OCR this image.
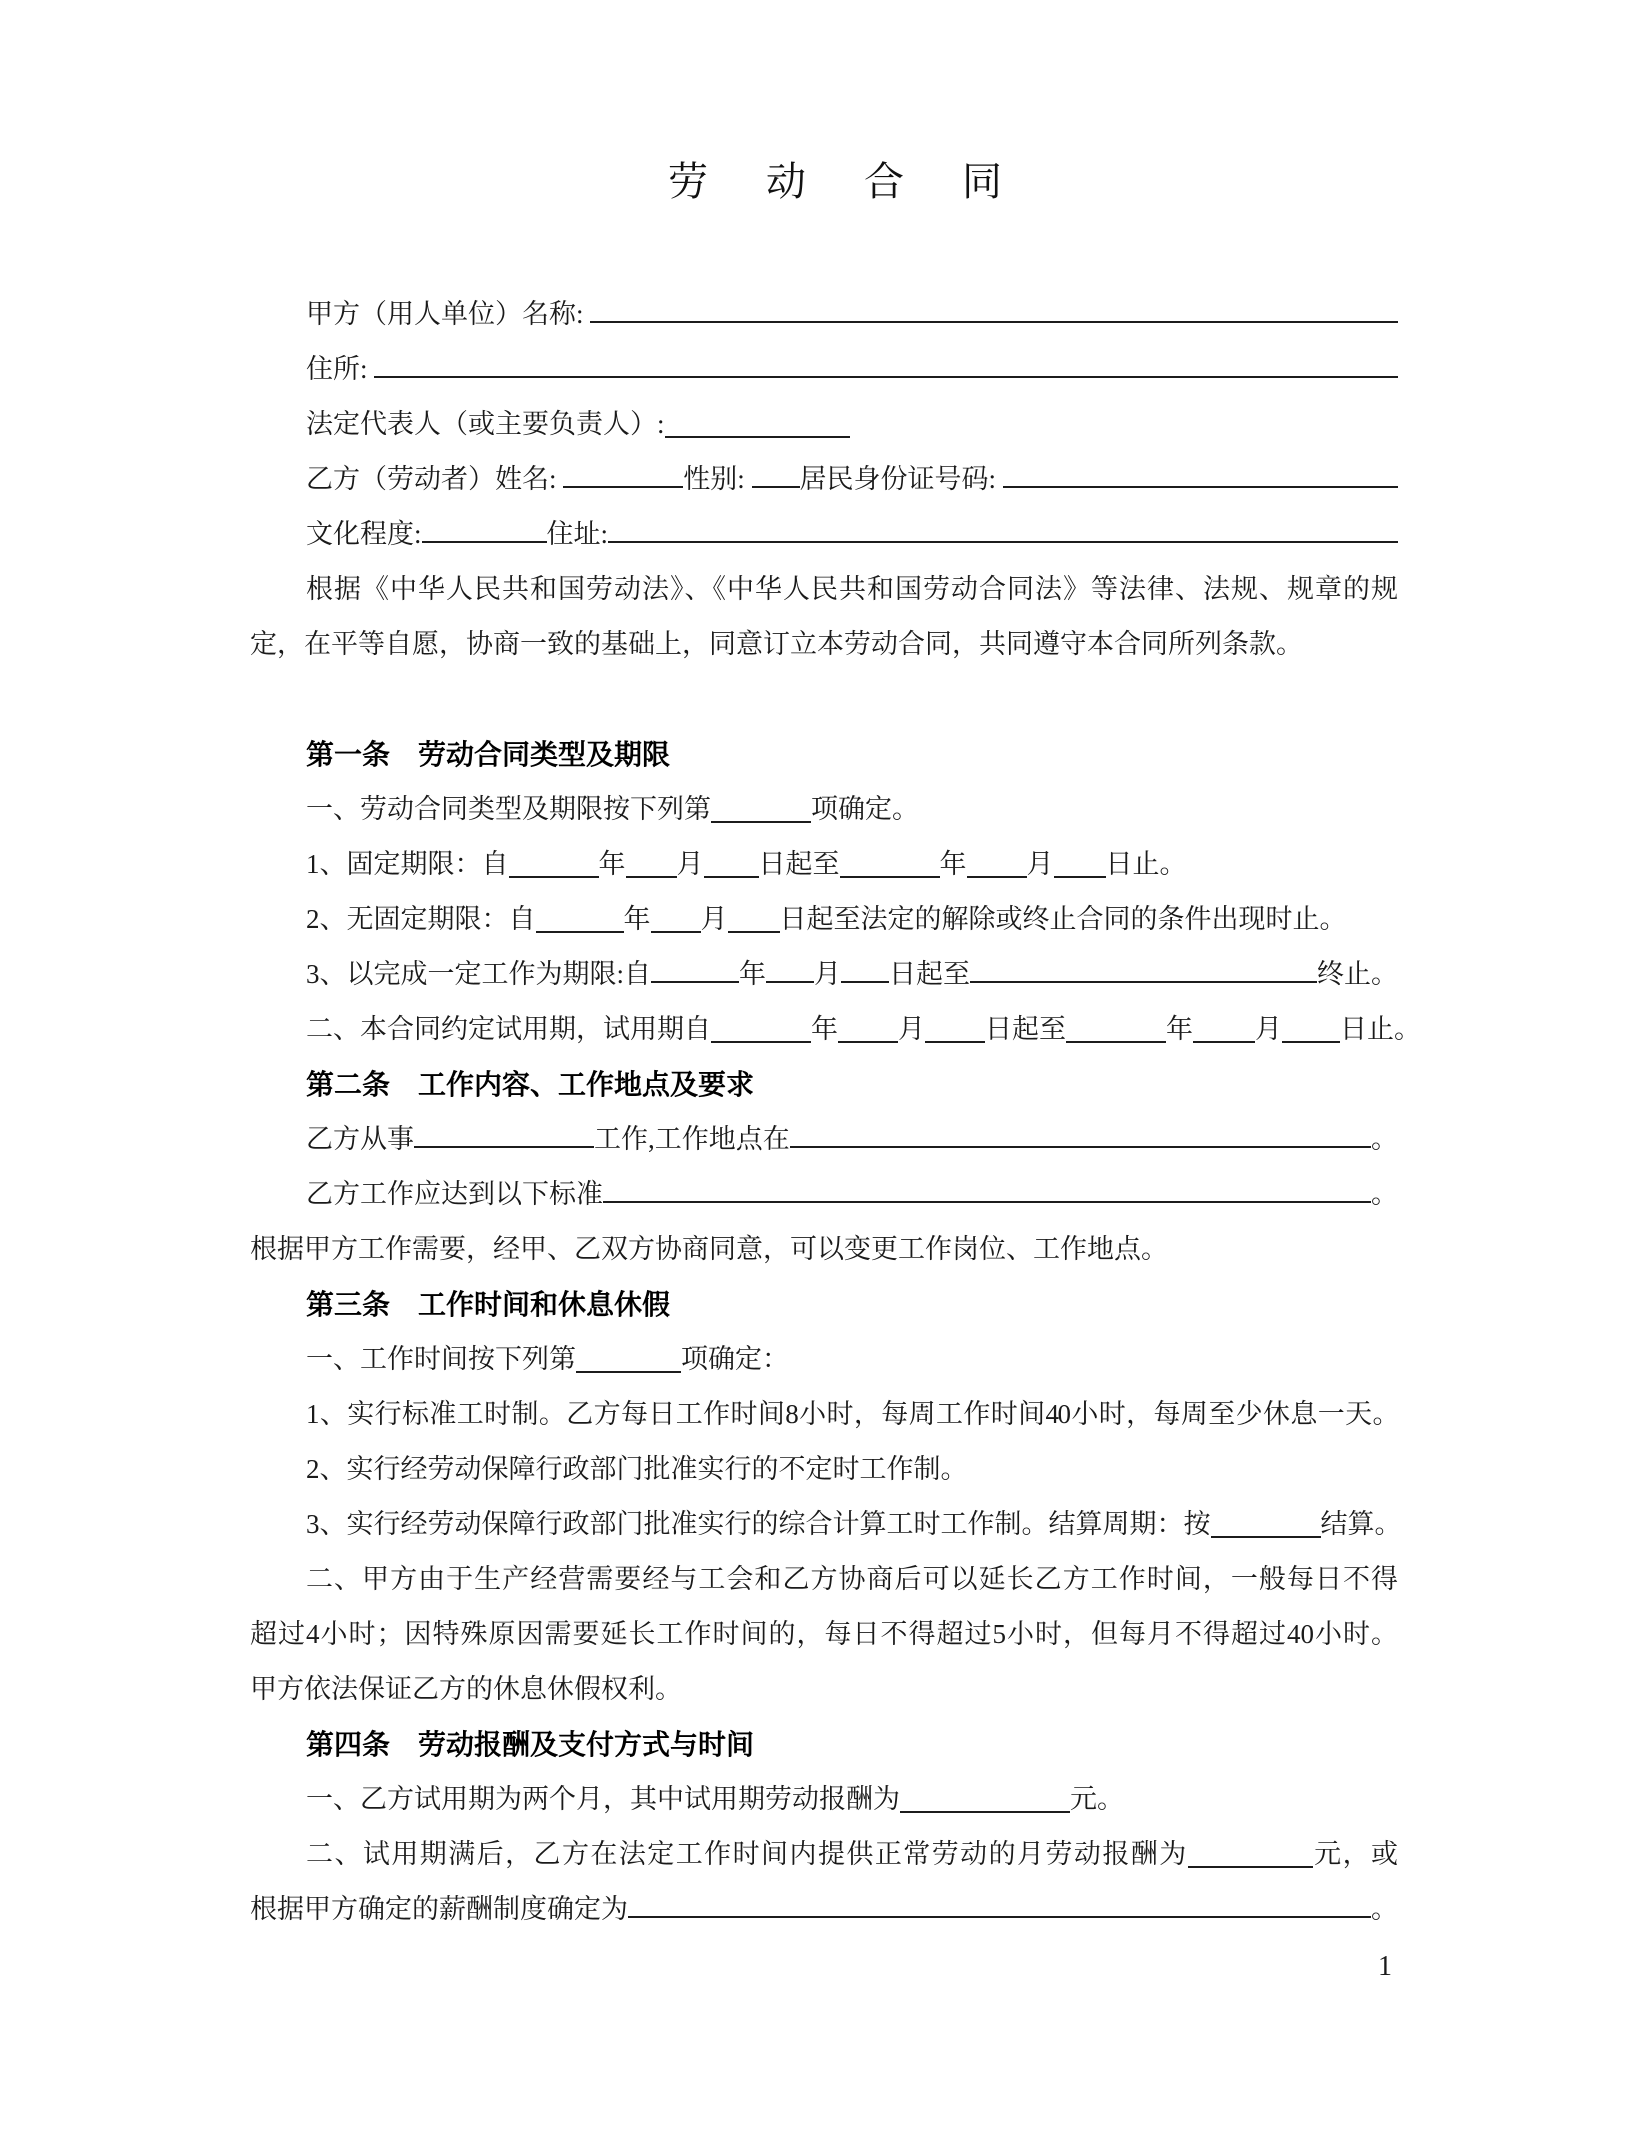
劳动合同
甲方（用人单位）名称:
住所:
法定代表人（或主要负责人）:
乙方（劳动者）姓名:	性别: 居民身份证号码:
文化程度:	住址:
根据《中华人民共和国劳动法》、《中华人民共和国劳动合同法》等法律、法规、规章的规
定，在平等自愿，协商一致的基础上，同意订立本劳动合同，共同遵守本合同所列条款。
第一条　劳动合同类型及期限
一、劳动合同类型及期限按下列第	项确定。
1、固定期限：自	年 月 日起至	年 月 日止。
2、无固定期限：自	年 月 日起至法定的解除或终止合同的条件出现时止。
3、以完成一定工作为期限:自	年 月 日起至	终止。
二、本合同约定试用期，试用期自	年 月 日起至	年 月 日止。
第二条　工作内容、工作地点及要求
乙方从事	工作,工作地点在	。
乙方工作应达到以下标准	。
根据甲方工作需要，经甲、乙双方协商同意，可以变更工作岗位、工作地点。
第三条　工作时间和休息休假
一、工作时间按下列第	项确定：
1、实行标准工时制。乙方每日工作时间8小时，每周工作时间40小时，每周至少休息一天。
2、实行经劳动保障行政部门批准实行的不定时工作制。
3、实行经劳动保障行政部门批准实行的综合计算工时工作制。结算周期：按	结算。
二、甲方由于生产经营需要经与工会和乙方协商后可以延长乙方工作时间，一般每日不得
超过4小时；因特殊原因需要延长工作时间的，每日不得超过5小时，但每月不得超过40小时。
甲方依法保证乙方的休息休假权利。
第四条　劳动报酬及支付方式与时间
一、乙方试用期为两个月，其中试用期劳动报酬为	元。
二、试用期满后，乙方在法定工作时间内提供正常劳动的月劳动报酬为	元，或
根据甲方确定的薪酬制度确定为	。
1
